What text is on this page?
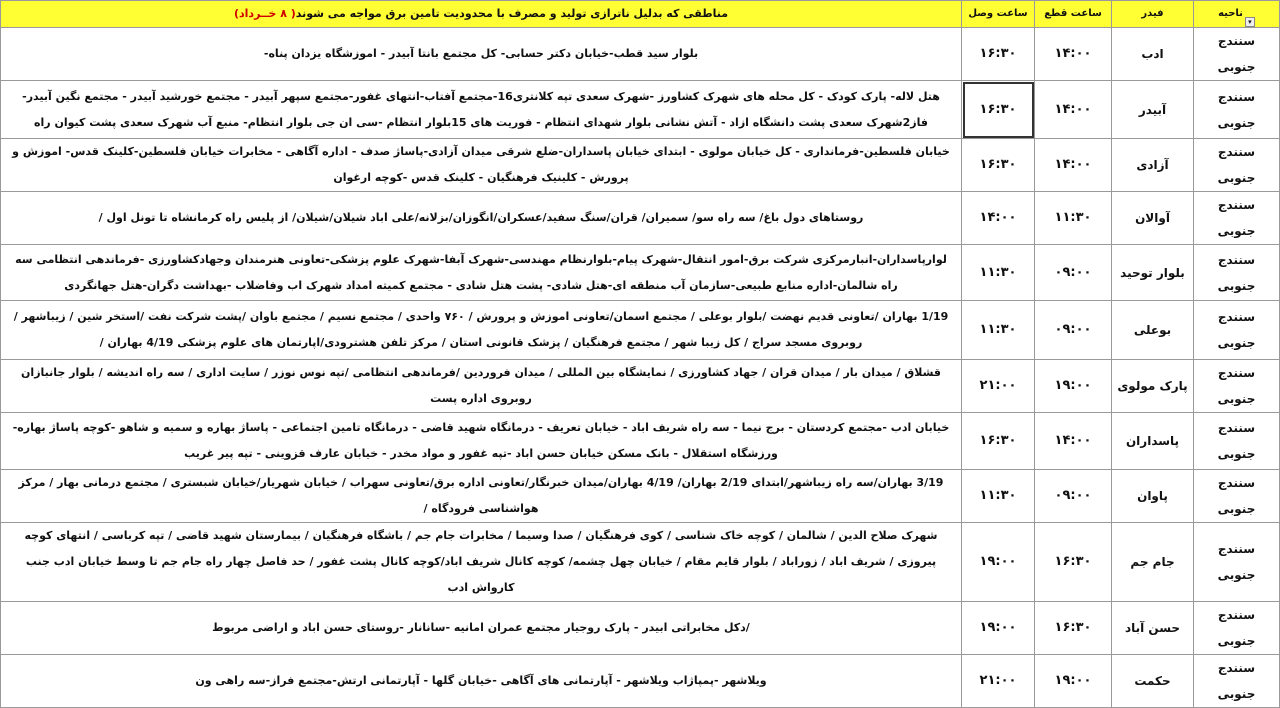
▾ناحیه	فیدر	ساعت قطع	ساعت وصل	مناطقی که بدلیل ناترازی تولید و مصرف با محدودیت تامین برق مواجه می شوند( ۸ خــرداد)
سنندج جنوبی	ادب	۱۴:۰۰	۱۶:۳۰	بلوار سید قطب-خیابان دکتر حسابی- کل مجتمع بانتا آبیدر - اموزشگاه یزدان پناه-
سنندج جنوبی	آبیدر	۱۴:۰۰	۱۶:۳۰	هتل لاله- پارک کودک - کل محله های شهرک کشاورز -شهرک سعدی تپه کلانتری16-مجتمع آفتاب-انتهای غفور-مجتمع سپهر آبیدر - مجتمع خورشید آبیدر - مجتمع نگین آبیدر-فاز2شهرک سعدی پشت دانشگاه ازاد - آتش نشانی بلوار شهدای انتظام - فوریت های 15بلوار انتظام -سی ان جی بلوار انتظام- منبع آب شهرک سعدی پشت کیوان راه
سنندج جنوبی	آزادی	۱۴:۰۰	۱۶:۳۰	خیابان فلسطین-فرمانداری - کل خیابان مولوی - ابتدای خیابان پاسداران-ضلع شرقی میدان آزادی-پاساژ صدف - اداره آگاهی - مخابرات خیابان فلسطین-کلینک قدس- اموزش و پرورش - کلینیک فرهنگیان - کلینک قدس -کوچه ارغوان
سنندج جنوبی	آوالان	۱۱:۳۰	۱۴:۰۰	روستاهای دول باغ/ سه راه سو/ سمیران/ قران/سنگ سفید/عسکران/انگوزان/بزلانه/علی اباد شیلان/شیلان/ از پلیس راه کرمانشاه تا تونل اول /
سنندج جنوبی	بلوار توحید	۰۹:۰۰	۱۱:۳۰	لوارپاسداران-انبارمرکزی شرکت برق-امور انتقال-شهرک پیام-بلوارنظام مهندسی-شهرک آبفا-شهرک علوم پزشکی-تعاونی هنرمندان وجهادکشاورزی -فرماندهی انتظامی سه راه شالمان-اداره منابع طبیعی-سازمان آب منطقه ای-هتل شادی- پشت هتل شادی - مجتمع کمیته امداد شهرک اب وفاضلاب -بهداشت دگران-هتل جهانگردی
سنندج جنوبی	بوعلی	۰۹:۰۰	۱۱:۳۰	1/19 بهاران /تعاونی قدیم نهضت /بلوار بوعلی / مجتمع اسمان/تعاونی اموزش و پرورش / ۷۶۰ واحدی / مجتمع نسیم / مجتمع باوان /پشت شرکت نفت /استخر شین / زیباشهر / روبروی مسجد سراج / کل زیبا شهر / مجتمع فرهنگیان / پزشک قانونی استان / مرکز تلفن هشترودی/اپارتمان های علوم پزشکی 4/19 بهاران /
سنندج جنوبی	پارک مولوی	۱۹:۰۰	۲۱:۰۰	قشلاق / میدان بار / میدان قران / جهاد کشاورزی / نمایشگاه بین المللی / میدان فروردین /فرماندهی انتظامی /تپه نوس نوزر / سایت اداری / سه راه اندیشه / بلوار جانبازان روبروی اداره پست
سنندج جنوبی	پاسداران	۱۴:۰۰	۱۶:۳۰	خیابان ادب -مجتمع کردستان - برج نیما - سه راه شریف اباد - خیابان تعریف - درمانگاه شهید قاضی - درمانگاه تامین اجتماعی - پاساژ بهاره و سمیه و شاهو -کوچه پاساژ بهاره-ورزشگاه استقلال - بانک مسکن خیابان حسن اباد -تپه غفور و مواد مخدر - خیابان عارف قزوینی - تپه پیر غریب
سنندج جنوبی	پاوان	۰۹:۰۰	۱۱:۳۰	3/19 بهاران/سه راه زیباشهر/ابتدای 2/19 بهاران/ 4/19 بهاران/میدان خبرنگار/تعاونی اداره برق/تعاونی سهراب / خیابان شهریار/خیابان شبستری / مجتمع درمانی بهار / مرکز هواشناسی فرودگاه /
سنندج جنوبی	جام جم	۱۶:۳۰	۱۹:۰۰	شهرک صلاح الدین / شالمان / کوچه خاک شناسی / کوی فرهنگیان / صدا وسیما / مخابرات جام جم / باشگاه فرهنگیان / بیمارستان شهید قاضی / تپه کرباسی / انتهای کوچه پیروزی / شریف اباد / زوراباد / بلوار قایم مقام / خیابان چهل چشمه/ کوچه کانال شریف اباد/کوچه کانال پشت غفور / حد فاصل چهار راه جام جم تا وسط خیابان ادب جنب کارواش ادب
سنندج جنوبی	حسن آباد	۱۶:۳۰	۱۹:۰۰	/دکل مخابراتی ابیدر - پارک روجیار مجتمع عمران امانیه -سانانار -روستای حسن اباد و اراضی مربوط
سنندج جنوبی	حکمت	۱۹:۰۰	۲۱:۰۰	ویلاشهر -پمپاژاب ویلاشهر - آپارتمانی های آگاهی -خیابان گلها - آپارتمانی ارتش-مجتمع فراز-سه راهی ون
